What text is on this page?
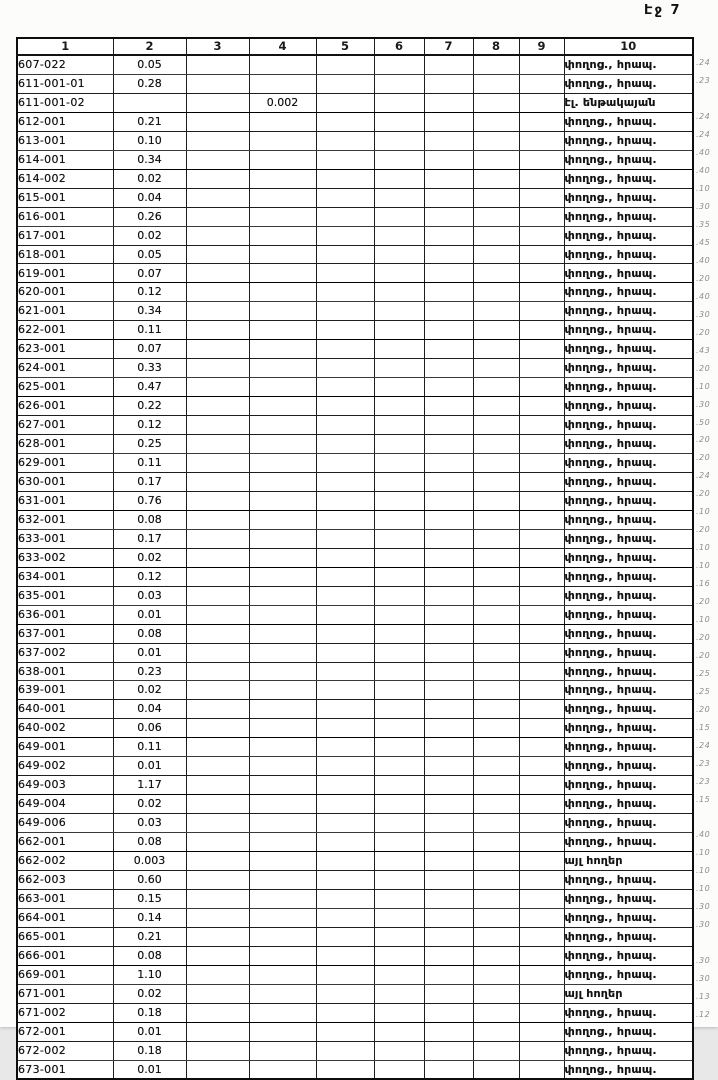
Էջ 7
1	2	3	4	5	6	7	8	9	10
607-022	0.05								փողոց., հրապ.
611-001-01	0.28								փողոց., հրապ.
611-001-02			0.002						էլ. ենթակայան
612-001	0.21								փողոց., հրապ.
613-001	0.10								փողոց., հրապ.
614-001	0.34								փողոց., հրապ.
614-002	0.02								փողոց., հրապ.
615-001	0.04								փողոց., հրապ.
616-001	0.26								փողոց., հրապ.
617-001	0.02								փողոց., հրապ.
618-001	0.05								փողոց., հրապ.
619-001	0.07								փողոց., հրապ.
620-001	0.12								փողոց., հրապ.
621-001	0.34								փողոց., հրապ.
622-001	0.11								փողոց., հրապ.
623-001	0.07								փողոց., հրապ.
624-001	0.33								փողոց., հրապ.
625-001	0.47								փողոց., հրապ.
626-001	0.22								փողոց., հրապ.
627-001	0.12								փողոց., հրապ.
628-001	0.25								փողոց., հրապ.
629-001	0.11								փողոց., հրապ.
630-001	0.17								փողոց., հրապ.
631-001	0.76								փողոց., հրապ.
632-001	0.08								փողոց., հրապ.
633-001	0.17								փողոց., հրապ.
633-002	0.02								փողոց., հրապ.
634-001	0.12								փողոց., հրապ.
635-001	0.03								փողոց., հրապ.
636-001	0.01								փողոց., հրապ.
637-001	0.08								փողոց., հրապ.
637-002	0.01								փողոց., հրապ.
638-001	0.23								փողոց., հրապ.
639-001	0.02								փողոց., հրապ.
640-001	0.04								փողոց., հրապ.
640-002	0.06								փողոց., հրապ.
649-001	0.11								փողոց., հրապ.
649-002	0.01								փողոց., հրապ.
649-003	1.17								փողոց., հրապ.
649-004	0.02								փողոց., հրապ.
649-006	0.03								փողոց., հրապ.
662-001	0.08								փողոց., հրապ.
662-002	0.003								այլ հողեր
662-003	0.60								փողոց., հրապ.
663-001	0.15								փողոց., հրապ.
664-001	0.14								փողոց., հրապ.
665-001	0.21								փողոց., հրապ.
666-001	0.08								փողոց., հրապ.
669-001	1.10								փողոց., հրապ.
671-001	0.02								այլ հողեր
671-002	0.18								փողոց., հրապ.
672-001	0.01								փողոց., հրապ.
672-002	0.18								փողոց., հրապ.
673-001	0.01								փողոց., հրապ.
.24
.23
.24
.24
.40
.40
.10
.30
.35
.45
.40
.20
.40
.30
.20
.43
.20
.10
.30
.50
.20
.20
.24
.20
.10
.20
.10
.10
.16
.20
.10
.20
.20
.25
.25
.20
.15
.24
.23
.23
.15
.40
.10
.10
.10
.30
.30
.30
.30
.13
.12
